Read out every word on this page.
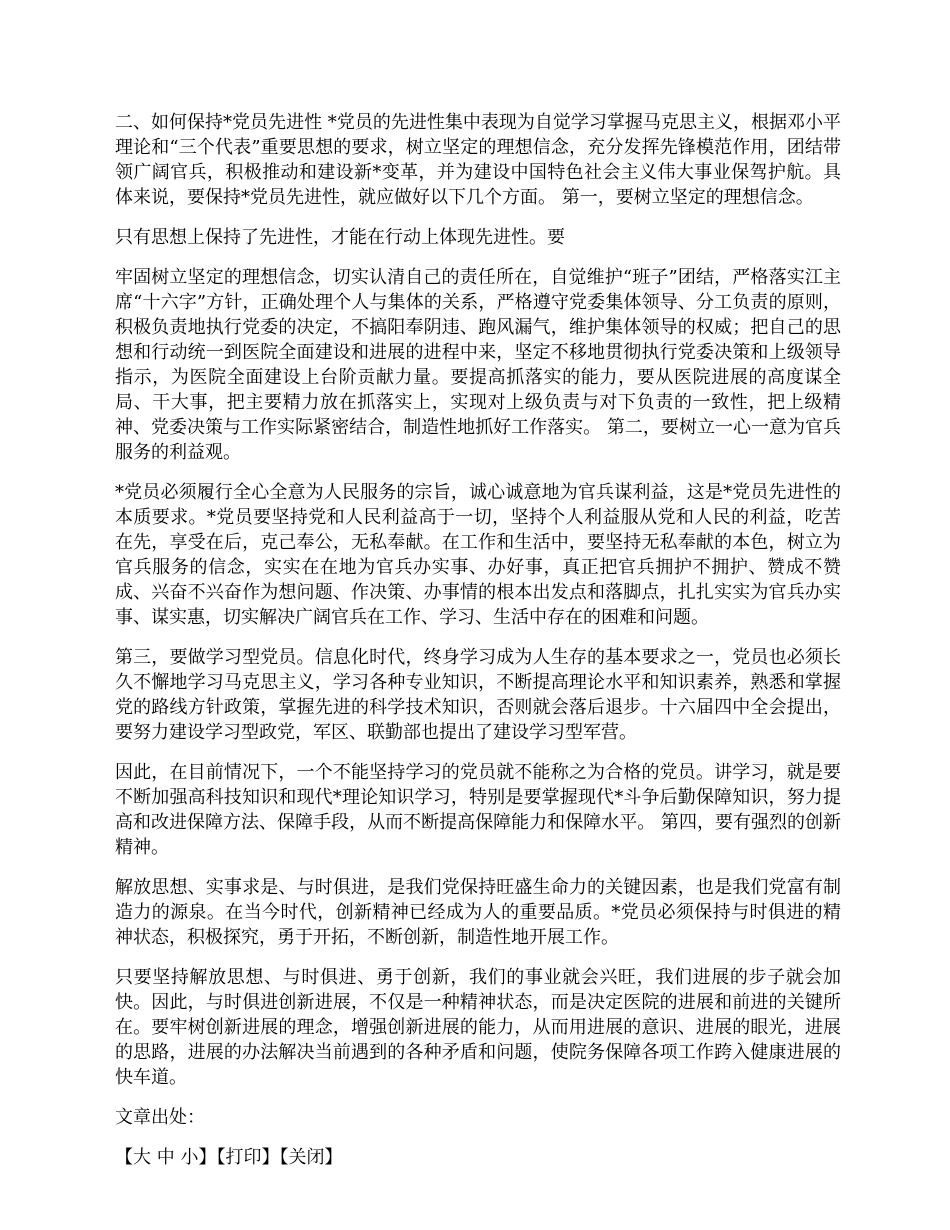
二、如何保持*党员先进性 *党员的先进性集中表现为自觉学习掌握马克思主义，根据邓小平理论和“三个代表”重要思想的要求，树立坚定的理想信念，充分发挥先锋模范作用，团结带领广阔官兵，积极推动和建设新*变革，并为建设中国特色社会主义伟大事业保驾护航。具体来说，要保持*党员先进性，就应做好以下几个方面。 第一，要树立坚定的理想信念。

只有思想上保持了先进性，才能在行动上体现先进性。要

牢固树立坚定的理想信念，切实认清自己的责任所在，自觉维护“班子”团结，严格落实江主席“十六字”方针，正确处理个人与集体的关系，严格遵守党委集体领导、分工负责的原则，积极负责地执行党委的决定，不搞阳奉阴违、跑风漏气，维护集体领导的权威；把自己的思想和行动统一到医院全面建设和进展的进程中来，坚定不移地贯彻执行党委决策和上级领导指示，为医院全面建设上台阶贡献力量。要提高抓落实的能力，要从医院进展的高度谋全局、干大事，把主要精力放在抓落实上，实现对上级负责与对下负责的一致性，把上级精神、党委决策与工作实际紧密结合，制造性地抓好工作落实。 第二，要树立一心一意为官兵服务的利益观。

*党员必须履行全心全意为人民服务的宗旨，诚心诚意地为官兵谋利益，这是*党员先进性的本质要求。*党员要坚持党和人民利益高于一切，坚持个人利益服从党和人民的利益，吃苦在先，享受在后，克己奉公，无私奉献。在工作和生活中，要坚持无私奉献的本色，树立为官兵服务的信念，实实在在地为官兵办实事、办好事，真正把官兵拥护不拥护、赞成不赞成、兴奋不兴奋作为想问题、作决策、办事情的根本出发点和落脚点，扎扎实实为官兵办实事、谋实惠，切实解决广阔官兵在工作、学习、生活中存在的困难和问题。

第三，要做学习型党员。信息化时代，终身学习成为人生存的基本要求之一，党员也必须长久不懈地学习马克思主义，学习各种专业知识，不断提高理论水平和知识素养，熟悉和掌握党的路线方针政策，掌握先进的科学技术知识，否则就会落后退步。十六届四中全会提出，要努力建设学习型政党，军区、联勤部也提出了建设学习型军营。

因此，在目前情况下，一个不能坚持学习的党员就不能称之为合格的党员。讲学习，就是要不断加强高科技知识和现代*理论知识学习，特别是要掌握现代*斗争后勤保障知识，努力提高和改进保障方法、保障手段，从而不断提高保障能力和保障水平。 第四，要有强烈的创新精神。

解放思想、实事求是、与时俱进，是我们党保持旺盛生命力的关键因素，也是我们党富有制造力的源泉。在当今时代，创新精神已经成为人的重要品质。*党员必须保持与时俱进的精神状态，积极探究，勇于开拓，不断创新，制造性地开展工作。

只要坚持解放思想、与时俱进、勇于创新，我们的事业就会兴旺，我们进展的步子就会加快。因此，与时俱进创新进展，不仅是一种精神状态，而是决定医院的进展和前进的关键所在。要牢树创新进展的理念，增强创新进展的能力，从而用进展的意识、进展的眼光，进展的思路，进展的办法解决当前遇到的各种矛盾和问题，使院务保障各项工作跨入健康进展的快车道。

文章出处：

【大 中 小】【打印】【关闭】
